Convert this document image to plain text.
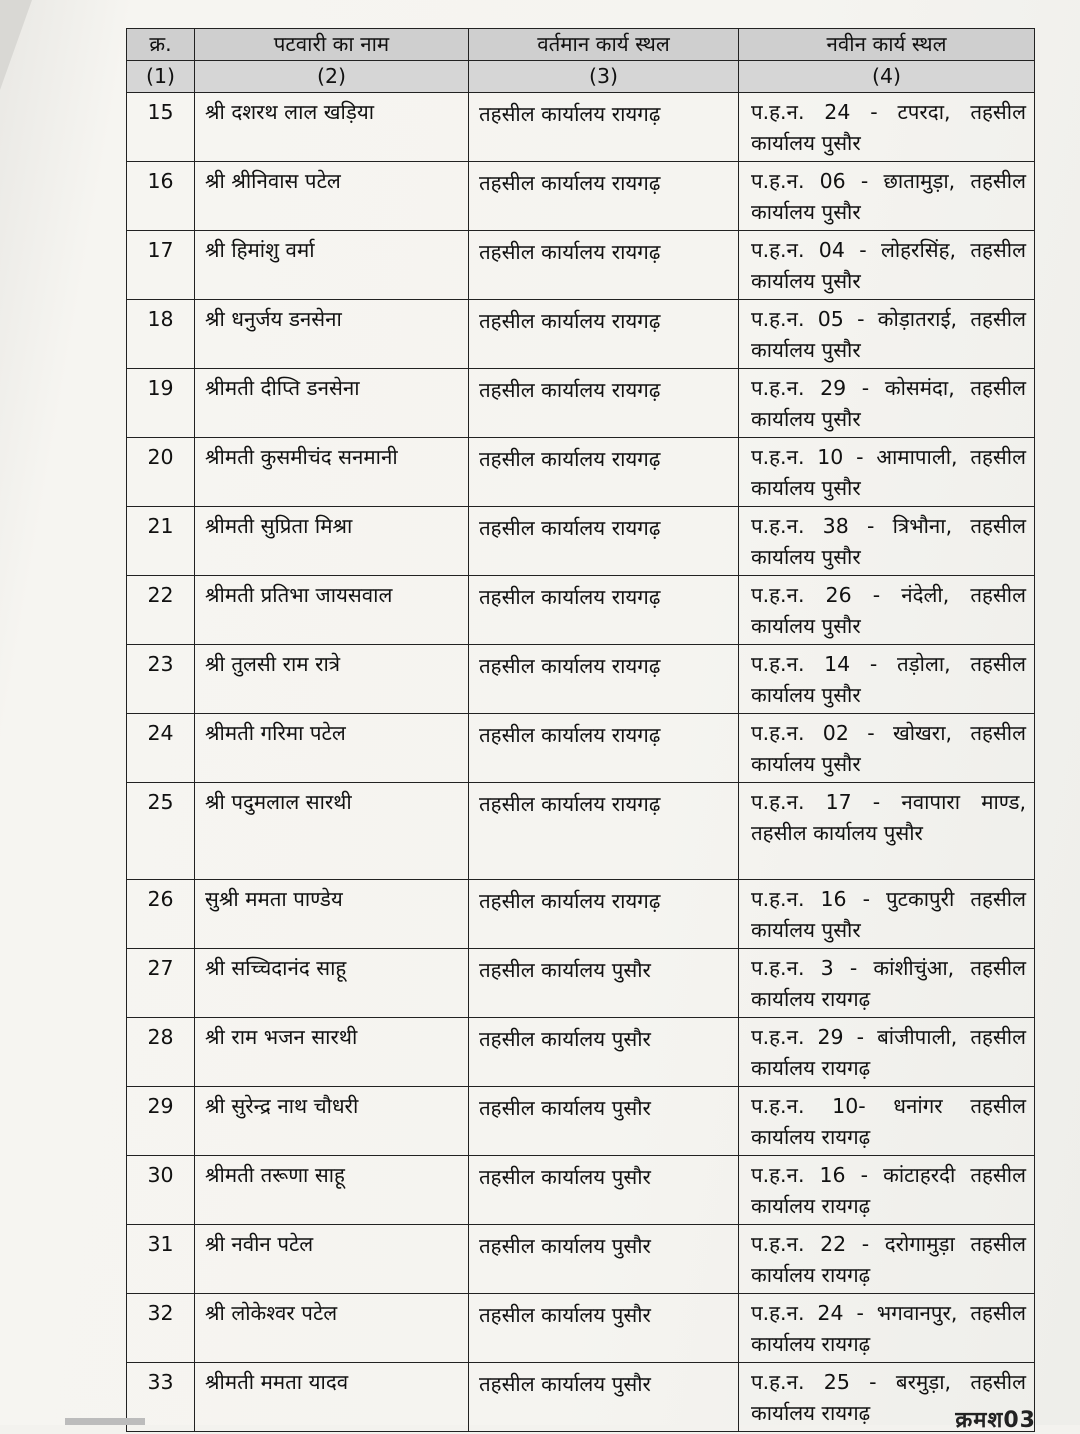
क्र.	पटवारी का नाम	वर्तमान कार्य स्थल	नवीन कार्य स्थल
(1)	(2)	(3)	(4)
15	श्री दशरथ लाल खड़िया	तहसील कार्यालय रायगढ़	प.ह.न. 24 - टपरदा, तहसील कार्यालय पुसौर
16	श्री श्रीनिवास पटेल	तहसील कार्यालय रायगढ़	प.ह.न. 06 - छातामुड़ा, तहसील कार्यालय पुसौर
17	श्री हिमांशु वर्मा	तहसील कार्यालय रायगढ़	प.ह.न. 04 - लोहरसिंह, तहसील कार्यालय पुसौर
18	श्री धनुर्जय डनसेना	तहसील कार्यालय रायगढ़	प.ह.न. 05 - कोड़ातराई, तहसील कार्यालय पुसौर
19	श्रीमती दीप्ति डनसेना	तहसील कार्यालय रायगढ़	प.ह.न. 29 - कोसमंदा, तहसील कार्यालय पुसौर
20	श्रीमती कुसमीचंद सनमानी	तहसील कार्यालय रायगढ़	प.ह.न. 10 - आमापाली, तहसील कार्यालय पुसौर
21	श्रीमती सुप्रिता मिश्रा	तहसील कार्यालय रायगढ़	प.ह.न. 38 - त्रिभौना, तहसील कार्यालय पुसौर
22	श्रीमती प्रतिभा जायसवाल	तहसील कार्यालय रायगढ़	प.ह.न. 26 - नंदेली, तहसील कार्यालय पुसौर
23	श्री तुलसी राम रात्रे	तहसील कार्यालय रायगढ़	प.ह.न. 14 - तड़ोला, तहसील कार्यालय पुसौर
24	श्रीमती गरिमा पटेल	तहसील कार्यालय रायगढ़	प.ह.न. 02 - खोखरा, तहसील कार्यालय पुसौर
25	श्री पदुमलाल सारथी	तहसील कार्यालय रायगढ़	प.ह.न. 17 - नवापारा माण्ड, तहसील कार्यालय पुसौर
26	सुश्री ममता पाण्डेय	तहसील कार्यालय रायगढ़	प.ह.न. 16 - पुटकापुरी तहसील कार्यालय पुसौर
27	श्री सच्चिदानंद साहू	तहसील कार्यालय पुसौर	प.ह.न. 3 - कांशीचुंआ, तहसील कार्यालय रायगढ़
28	श्री राम भजन सारथी	तहसील कार्यालय पुसौर	प.ह.न. 29 - बांजीपाली, तहसील कार्यालय रायगढ़
29	श्री सुरेन्द्र नाथ चौधरी	तहसील कार्यालय पुसौर	प.ह.न. 10- धनांगर तहसील कार्यालय रायगढ़
30	श्रीमती तरूणा साहू	तहसील कार्यालय पुसौर	प.ह.न. 16 - कांटाहरदी तहसील कार्यालय रायगढ़
31	श्री नवीन पटेल	तहसील कार्यालय पुसौर	प.ह.न. 22 - दरोगामुड़ा तहसील कार्यालय रायगढ़
32	श्री लोकेश्वर पटेल	तहसील कार्यालय पुसौर	प.ह.न. 24 - भगवानपुर, तहसील कार्यालय रायगढ़
33	श्रीमती ममता यादव	तहसील कार्यालय पुसौर	प.ह.न. 25 - बरमुड़ा, तहसील कार्यालय रायगढ़	क्रमश03
